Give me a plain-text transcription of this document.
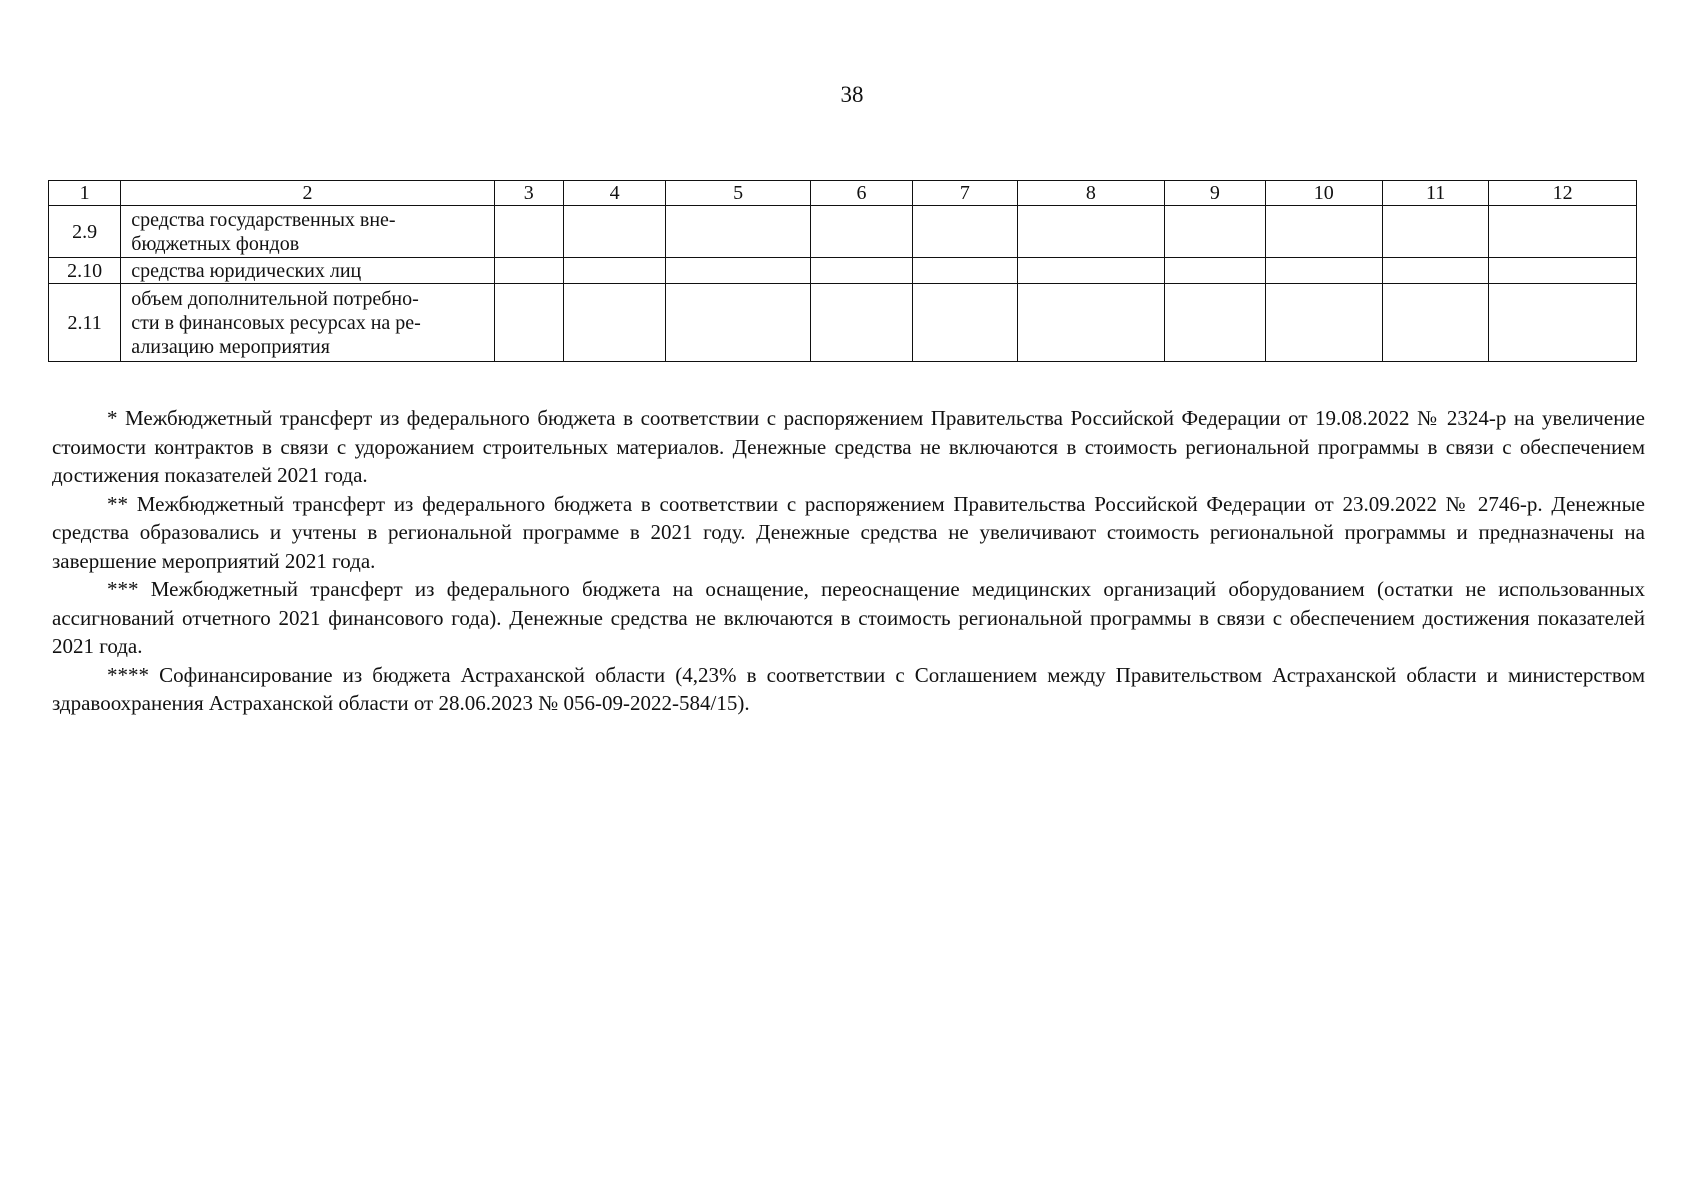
38
1	2	3	4	5	6	7	8	9	10	11	12
2.9	средства государственных вне-
бюджетных фондов										
2.10	средства юридических лиц										
2.11	объем дополнительной потребно-
сти в финансовых ресурсах на ре-
ализацию мероприятия										

* Межбюджетный трансферт из федерального бюджета в соответствии с распоряжением Правительства Российской Федерации от 19.08.2022 № 2324-р на увеличение стоимости контрактов в связи с удорожанием строительных материалов. Денежные средства не включаются в стоимость региональной программы в связи с обеспечением достижения показателей 2021 года.

** Межбюджетный трансферт из федерального бюджета в соответствии с распоряжением Правительства Российской Федерации от 23.09.2022 № 2746-р. Денежные средства образовались и учтены в региональной программе в 2021 году. Денежные средства не увеличивают стоимость региональной программы и предназначены на завершение мероприятий 2021 года.

*** Межбюджетный трансферт из федерального бюджета на оснащение, переоснащение медицинских организаций оборудованием (остатки не использованных ассигнований отчетного 2021 финансового года). Денежные средства не включаются в стоимость региональной программы в связи с обеспечением достижения показателей 2021 года.

**** Софинансирование из бюджета Астраханской области (4,23% в соответствии с Соглашением между Правительством Астраханской области и министерством здравоохранения Астраханской области от 28.06.2023 № 056-09-2022-584/15).
